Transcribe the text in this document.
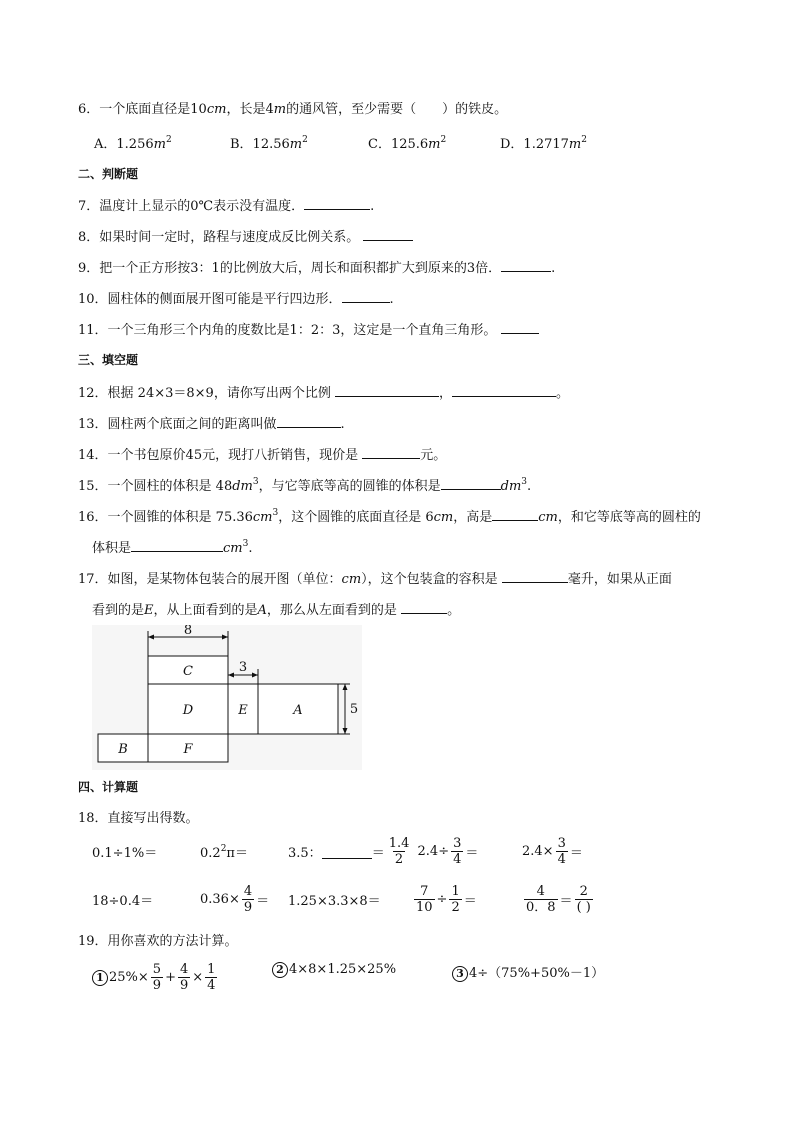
6．一个底面直径是10cm，长是4m的通风管，至少需要（　　）的铁皮。
A．$1.256m^2$	B．$12.56m^2$	C．$125.6m^2$	D．$1.2717m^2$
二、判断题
7．温度计上显示的0℃表示没有温度．	.
8．如果时间一定时，路程与速度成反比例关系。
9．把一个正方形按3：1的比例放大后，周长和面积都扩大到原来的3倍．	.
10．圆柱体的侧面展开图可能是平行四边形．	.
11．一个三角形三个内角的度数比是1：2：3，这定是一个直角三角形。
三、填空题
12．根据 24×3＝8×9，请你写出两个比例	，	。
13．圆柱两个底面之间的距离叫做	.
14．一个书包原价45元，现打八折销售，现价是	元。
15．一个圆柱的体积是 $48dm^3$，与它等底等高的圆锥的体积是	$dm^3$.
16．一个圆锥的体积是 $75.36cm^3$，这个圆锥的底面直径是 6cm，高是	cm，和它等底等高的圆柱的
体积是	$cm^3$.
17．如图，是某物体包装合的展开图（单位：cm），这个包装盒的容积是	毫升，如果从正面
看到的是E，从上面看到的是A，那么从左面看到的是	。
C
D	E	A
B	F
8
3
5
四、计算题
18．直接写出得数。
0.1÷1%＝	$0.2^2\pi=$	3.5：	＝ $\frac{1.4}{2} 2.4\div \frac{3}{4}$ ＝	$2.4\times \frac{3}{4}$ ＝
18÷0.4＝	$0.36\times \frac{4}{9} = 1.25\times 3.3\times 8=$	$\frac{7}{10} \div \frac{1}{2}$ ＝	$\frac{4}{0.8} = \frac{2}{( )}$
19．用你喜欢的方法计算。
1 $25\%\times \frac{5}{9} + \frac{4}{9} \times \frac{1}{4}$	2 4×8×1.25×25%	3 4÷（75%+50%－1）
